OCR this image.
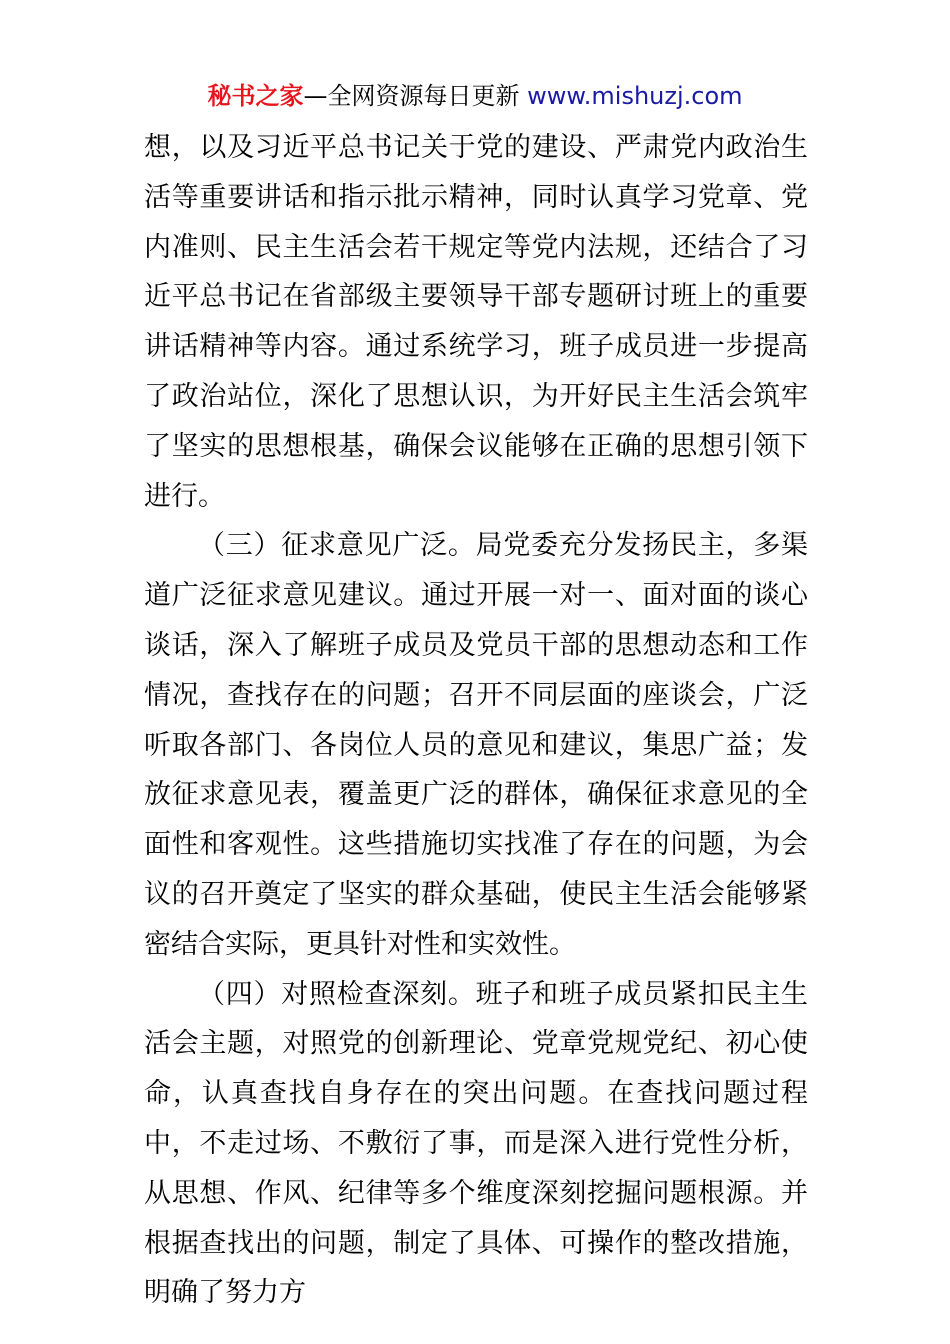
秘书之家—全网资源每日更新 www.mishuzj.com

想，以及习近平总书记关于党的建设、严肃党内政治生活等重要讲话和指示批示精神，同时认真学习党章、党内准则、民主生活会若干规定等党内法规，还结合了习近平总书记在省部级主要领导干部专题研讨班上的重要讲话精神等内容。通过系统学习，班子成员进一步提高了政治站位，深化了思想认识，为开好民主生活会筑牢了坚实的思想根基，确保会议能够在正确的思想引领下进行。

（三）征求意见广泛。局党委充分发扬民主，多渠道广泛征求意见建议。通过开展一对一、面对面的谈心谈话，深入了解班子成员及党员干部的思想动态和工作情况，查找存在的问题；召开不同层面的座谈会，广泛听取各部门、各岗位人员的意见和建议，集思广益；发放征求意见表，覆盖更广泛的群体，确保征求意见的全面性和客观性。这些措施切实找准了存在的问题，为会议的召开奠定了坚实的群众基础，使民主生活会能够紧密结合实际，更具针对性和实效性。

（四）对照检查深刻。班子和班子成员紧扣民主生活会主题，对照党的创新理论、党章党规党纪、初心使命，认真查找自身存在的突出问题。在查找问题过程中，不走过场、不敷衍了事，而是深入进行党性分析，从思想、作风、纪律等多个维度深刻挖掘问题根源。并根据查找出的问题，制定了具体、可操作的整改措施，明确了努力方
